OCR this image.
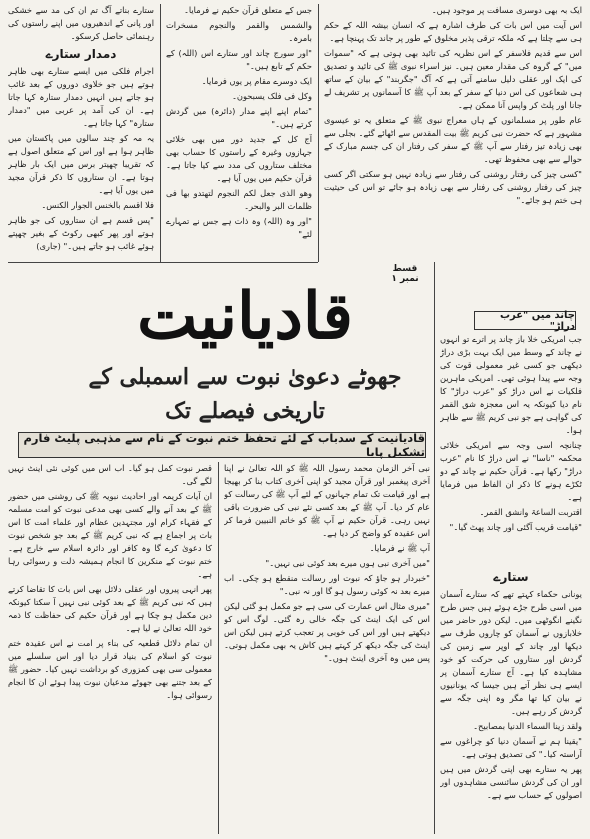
ستارے بناتے آگ تم ان کی مد سے خشکی اور پانی کے اندھیروں میں اپنے راستوں کی رہنمائی حاصل کرسکو۔

دمدار ستارے

اجرام فلکی میں ایسے ستارے بھی ظاہر ہوتے ہیں جو خلاوی دوروں کے بعد غائب ہو جاتے ہیں انہیں دمدار ستارہ کہا جاتا ہے۔ ان کی آمد پر عربی میں "دمدار ستارہ" کہا جاتا ہے۔

یہ مہ کو چند سالوں میں پاکستان میں ظاہر ہوا ہے اور اس کے متعلق اصول ہے کہ تقریبا چھیتر برس میں ایک بار ظاہر ہوتا ہے۔ ان ستاروں کا ذکر قرآن مجید میں یوں آیا ہے۔

فلا اقسم بالخنس الجوار الکنس۔

"پس قسم ہے ان ستاروں کی جو ظاہر ہوتے اور پھر کبھی رکوٹ کے بغیر چھپتے ہوئے غائب ہو جاتے ہیں۔" (جاری)

جس کے متعلق قرآن حکیم نے فرمایا۔

والشمس والقمر والنجوم مسخرات بامرہ۔

"اور سورج چاند اور ستارے اس (اللہ) کے حکم کے تابع ہیں۔"

ایک دوسرے مقام پر یوں فرمایا۔

وکل فی فلک یسبحون۔

"تمام اپنے اپنے مدار (دائرہ) میں گردش کرتے ہیں۔"

آج کل کے جدید دور میں بھی خلائی جہازوں وغیرہ کے راستوں کا حساب بھی مختلف ستاروں کی مدد سے کیا جاتا ہے۔ قرآن حکیم میں یوں آیا ہے۔

وھو الذی جعل لکم النجوم لتھتدو بھا فی ظلمات البر والبحر۔

"اور وہ (اللہ) وہ ذات ہے جس نے تمہارے لئے"

ایک بہ بھی دوسری مسافت پر موجود ہیں۔

اس آیت میں اس بات کی طرف اشارہ ہے کہ انسان بیشہ اللہ کے حکم ہی سے چلتا ہے کہ ملکہ ترقی پذیر مخلوق کے طور پر جاند تک پہنچا ہے۔

اس سے قدیم فلاسفر کے اس نظریہ کی تائید بھی ہوتی ہے کہ "سموات میں" کے گروہ کی مقدار معین ہیں۔ نیز اسراء نبوی ﷺ کی تائید و تصدیق کی ایک اور عقلی دلیل سامنے آتی ہے کہ آگ "جگربند" کے بیان کے ساتھ ہی شعاعوں کی اس دنیا کے سفر کے بعد آپ ﷺ کا آسمانوں پر تشریف لے جانا اور پلٹ کر واپس آنا ممکن ہے۔

عام طور پر مسلمانوں کے ہاں معراج نبوی ﷺ کے متعلق یہ تو عیسوی مشہور ہے کہ حضرت نبی کریم ﷺ بیت المقدس سے اٹھائے گئے۔ بجلی سے بھی زیادہ تیز رفتار سے آپ ﷺ کے سفر کی رفتار ان کی جسم مبارک کے حوالے سے بھی محفوظ تھی۔

"کسی چیز کی رفتار روشنی کی رفتار سے زیادہ نہیں ہو سکتی اگر کسی چیز کی رفتار روشنی کی رفتار سے بھی زیادہ ہو جائے تو اس کی حیثیت ہی ختم ہو جائے۔"

قسط نمبر ۱
قادیانیت
جھوٹے دعویٰ نبوت سے اسمبلی کے تاریخی فیصلے تک
چاند میں "عرب دراڑ"

جب امریکی خلا باز چاند پر اترے تو انہوں نے چاند کے وسط میں ایک بہت بڑی دراڑ دیکھی جو کسی غیر معمولی قوت کی وجہ سے پیدا ہوئی تھی۔ امریکی ماہرین فلکیات نے اس دراڑ کو "عرب دراڑ" کا نام دیا کیونکہ یہ اس معجزہ شق القمر کی گواہی ہے جو نبی کریم ﷺ سے ظاہر ہوا۔

چنانچہ اسی وجہ سے امریکی خلائی محکمہ "ناسا" نے اس دراڑ کا نام "عرب دراڑ" رکھا ہے۔ قرآن حکیم نے چاند کے دو ٹکڑے ہونے کا ذکر ان الفاظ میں فرمایا ہے۔

اقتربت الساعۃ وانشق القمر۔

"قیامت قریب آگئی اور چاند پھٹ گیا۔"

قادیانیت کے سدباب کے لئے تحفظ ختم نبوت کے نام سے مذہبی پلیٹ فارم تشکیل پایا

قصر نبوت کمل ہو گیا۔ اب اس میں کوئی نئی اینٹ نہیں لگے گی۔

ان آیات کریمہ اور احادیث نبویہ ﷺ کی روشنی میں حضور ﷺ کے بعد آنے والے کسی بھی مدعی نبوت کو امت مسلمہ کے فقہاء کرام اور مجتہدین عظام اور علماء امت کا اس بات پر اجماع ہے کہ نبی کریم ﷺ کے بعد جو شخص نبوت کا دعویٰ کرے گا وہ کافر اور دائرہ اسلام سے خارج ہے۔ ختم نبوت کے منکرین کا انجام ہمیشہ ذلت و رسوائی رہا ہے۔

پھر انہی پیروں اور عقلی دلائل بھی اس بات کا تقاضا کرتے ہیں کہ نبی کریم ﷺ کے بعد کوئی نبی نہیں آ سکتا کیونکہ دین مکمل ہو چکا ہے اور قرآن حکیم کی حفاظت کا ذمہ خود اللہ تعالیٰ نے لیا ہے۔

ان تمام دلائل قطعیہ کی بناء پر امت نے اس عقیدہ ختم نبوت کو اسلام کی بنیاد قرار دیا اور اس سلسلے میں معمولی سی بھی کمزوری کو برداشت نہیں کیا۔ حضور ﷺ کے بعد جتنے بھی جھوٹے مدعیان نبوت پیدا ہوئے ان کا انجام رسوائی ہوا۔

نبی آخر الزمان محمد رسول اللہ ﷺ کو اللہ تعالیٰ نے اپنا آخری پیغمبر اور قرآن مجید کو اپنی آخری کتاب بنا کر بھیجا ہے اور قیامت تک تمام جہانوں کے لئے آپ ﷺ کی رسالت کو عام کر دیا۔ آپ ﷺ کے بعد کسی نئے نبی کی ضرورت باقی نہیں رہی۔ قرآن حکیم نے آپ ﷺ کو خاتم النبیین فرما کر اس عقیدہ کو واضح کر دیا ہے۔

آپ ﷺ نے فرمایا۔

"میں آخری نبی ہوں میرے بعد کوئی نبی نہیں۔"

"خبردار ہو جاؤ کہ نبوت اور رسالت منقطع ہو چکی۔ اب میرے بعد نہ کوئی رسول ہو گا اور نہ نبی۔"

"میری مثال اس عمارت کی سی ہے جو مکمل ہو گئی لیکن اس کی ایک اینٹ کی جگہ خالی رہ گئی۔ لوگ اس کو دیکھتے ہیں اور اس کی خوبی پر تعجب کرتے ہیں لیکن اس اینٹ کی جگہ دیکھ کر کہتے ہیں کاش یہ بھی مکمل ہوتی۔ پس میں وہ آخری اینٹ ہوں۔"

ستارے

یونانی حکماء کہتے تھے کہ ستارے آسمان میں اسی طرح جڑے ہوئے ہیں جس طرح نگینے انگوٹھی میں۔ لیکن دور حاضر میں خلابازوں نے آسمان کو چاروں طرف سے دیکھا اور چاند کے اوپر سے زمین کی گردش اور ستاروں کی حرکت کو خود مشاہدہ کیا ہے۔ آج ستارے آسمان پر ایسے ہی نظر آتے ہیں جیسا کہ یونانیوں نے بیان کیا تھا مگر وہ اپنی جگہ سے گردش کر رہے ہیں۔

ولقد زینا السماء الدنیا بمصابیح۔

"یقینا ہم نے آسمان دنیا کو چراغوں سے آراستہ کیا۔" کی تصدیق ہوتی ہے۔

پھر یہ ستارے بھی اپنی گردش میں ہیں اور ان کی گردش سائنسی مشاہدوں اور اصولوں کے حساب سے ہے۔
